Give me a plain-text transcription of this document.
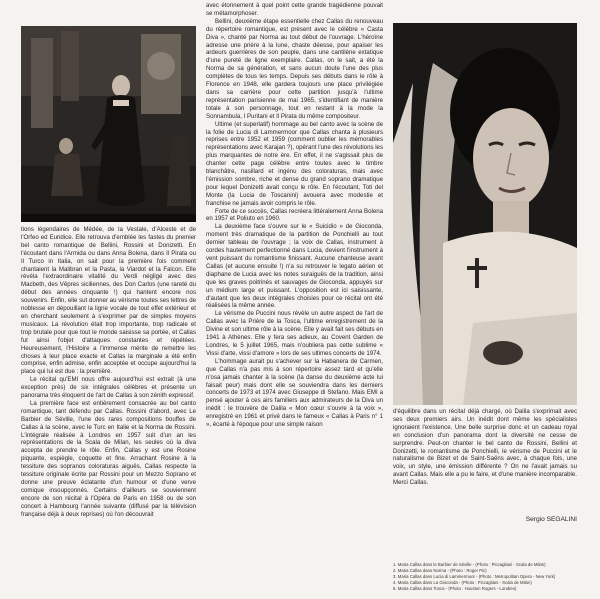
tions légendaires de Médée, de la Vestale, d'Alceste et de l'Orfeo ed Euridice. Elle retrouva d'emblée les fastes du premier bel canto romantique de Bellini, Rossini et Donizetti. En l'écoutant dans l'Armida ou dans Anna Bolena, dans Il Pirata ou Il Turco in Italia, on sait pour la première fois comment chantaient la Malibran et la Pasta, la Viardot et la Falcon. Elle révéla l'extraordinaire vitalité du Verdi négligé avec des Macbeth, des Vêpres siciliennes, des Don Carlos (une rareté du début des années cinquante !) qui hantent encore nos souvenirs. Enfin, elle sut donner au vérisme toutes ses lettres de noblesse en dépouillant la ligne vocale de tout effet extérieur et en cherchant seulement à s'exprimer par de simples moyens musicaux. La révolution était trop importante, trop radicale et trop brutale pour que tout le monde saisisse sa portée, et Callas fut ainsi l'objet d'attaques constantes et répétées. Heureusement, l'Histoire a l'immense mérite de remettre les choses à leur place exacte et Callas la marginale a été enfin comprise, enfin admise, enfin acceptée et occupe aujourd'hui la place qui lui est due : la première.

Le récital qu'EMI nous offre aujourd'hui est extrait (à une exception près) de six intégrales célèbres et présente un panorama très éloquent de l'art de Callas à son zénith expressif.

La première face est entièrement consacrée au bel canto romantique, tant défendu par Callas. Rossini d'abord, avec Le Barbier de Séville, l'une des rares compositions bouffes de Callas à la scène, avec le Turc en Italie et la Norma de Rossini. L'intégrale réalisée à Londres en 1957 suit d'un an les représentations de la Scala de Milan, les seules où la diva accepta de prendre le rôle. Enfin, Callas y est une Rosine piquante, espiègle, coquette et fine. Arrachant Rosine à la tessiture des sopranos coloraturas aiguës, Callas respecte la tessiture originale écrite par Rossini pour un Mezzo Soprano et donne une preuve éclatante d'un humour et d'une verve comique insoupçonnés. Certains d'ailleurs se souviennent encore de son récital à l'Opéra de Paris en 1958 ou de son concert à Hambourg l'année suivante (diffusé par la télévision française déjà à deux reprises) où l'on découvrait

avec étonnement à quel point cette grande tragédienne pouvait se métamorphoser.

Bellini, deuxième étape essentielle chez Callas du renouveau du répertoire romantique, est présent avec le célèbre « Casta Diva », chanté par Norma au tout début de l'ouvrage. L'héroïne adresse une prière à la lune, chaste déesse, pour apaiser les ardeurs guerrières de son peuple, dans une cantilène extatique d'une pureté de ligne exemplaire. Callas, on le sait, a été la Norma de sa génération, et sans aucun doute l'une des plus complètes de tous les temps. Depuis ses débuts dans le rôle à Florence en 1948, elle gardera toujours une place privilégiée dans sa carrière pour cette partition jusqu'à l'ultime représentation parisienne de mai 1965, s'identifiant de manière totale à son personnage, tout en restant à la mode la Sonnambula, I Puritani et Il Pirata du même compositeur.

Ultime (et superlatif) hommage au bel canto avec la scène de la folie de Lucia di Lammermoor que Callas chanta à plusieurs reprises entre 1952 et 1959 (comment oublier les mémorables représentations avec Karajan ?), opérant l'une des révolutions les plus marquantes de notre ère. En effet, il ne s'agissait plus de chanter cette page célèbre entre toutes avec le timbre blanchâtre, nasillard et ingénu des coloraturas, mais avec l'émission sombre, riche et dense du grand soprano dramatique pour lequel Donizetti avait conçu le rôle. En l'écoutant, Toti del Monte (la Lucia de Toscanini) avouera avec modestie et franchise ne jamais avoir compris le rôle.

Forte de ce succès, Callas recréera littéralement Anna Bolena en 1957 et Poliuto en 1960.

La deuxième face s'ouvre sur le « Suicidio » de Gioconda, moment très dramatique de la partition de Ponchielli au tout dernier tableau de l'ouvrage ; la voix de Callas, instrument à cordes hautement perfectionné dans Lucia, devient l'instrument à vent puissant du romantisme finissant. Aucune chanteuse avant Callas (et aucune ensuite !) n'a su retrouver le legato aérien et diaphane de Lucia avec les notes suraiguës de la tradition, ainsi que les graves poitrinés et sauvages de Gioconda, appuyés sur un médium large et puissant. L'opposition est ici saisissante, d'autant que les deux intégrales choisies pour ce récital ont été réalisées la même année.

Le vérisme de Puccini nous révèle un autre aspect de l'art de Callas avec la Prière de la Tosca, l'ultime enregistrement de la Divine et son ultime rôle à la scène. Elle y avait fait ses débuts en 1941 à Athènes. Elle y fera ses adieux, au Covent Garden de Londres, le 5 juillet 1965, mais n'oubliera pas cette sublime « Vissi d'arte, vissi d'amore » lors de ses ultimes concerts de 1974.

L'hommage aurait pu s'achever sur la Habanera de Carmen, que Callas n'a pas mis à son répertoire assez tard et qu'elle n'osa jamais chanter à la scène (la danse du deuxième acte lui faisait peur) mais dont elle se souviendra dans les derniers concerts de 1973 et 1974 avec Giuseppe di Stefano. Mais EMI a pensé ajouter à ces airs familiers aux admirateurs de la Diva un inédit : le trouvère de Dalila « Mon cœur s'ouvre à ta voix », enregistré en 1961 et privé dans le fameux « Callas à Paris n° 1 », écarté à l'époque pour une simple raison

d'équilibre dans un récital déjà chargé, où Dalila s'exprimait avec ses deux premiers airs. Un inédit dont même les spécialistes ignoraient l'existence. Une belle surprise donc et un cadeau royal en conclusion d'un panorama dont la diversité ne cesse de surprendre. Peut-on chanter le bel canto de Rossini, Bellini et Donizetti, le romantisme de Ponchielli, le vérisme de Puccini et le naturalisme de Bizet et de Saint-Saëns avec, à chaque fois, une voix, un style, une émission différente ? On ne l'avait jamais su avant Callas. Mais elle a pu le faire, et d'une manière incomparable. Merci Callas.

Sergio SEGALINI
1. Maria Callas dans le Barbier de Séville - (Photo : Piccagliani - Scala de Milan)
2. Maria Callas dans Norma - (Photo : Roger Pic)
3. Maria Callas dans Lucia di Lammermoor - (Photo : Metropolitan Opera - New York)
4. Maria Callas dans La Gioconda - (Photo : Piccagliani - Scala de Milan)
5. Maria Callas dans Tosca - (Photo : Houston Rogers - Londres)
